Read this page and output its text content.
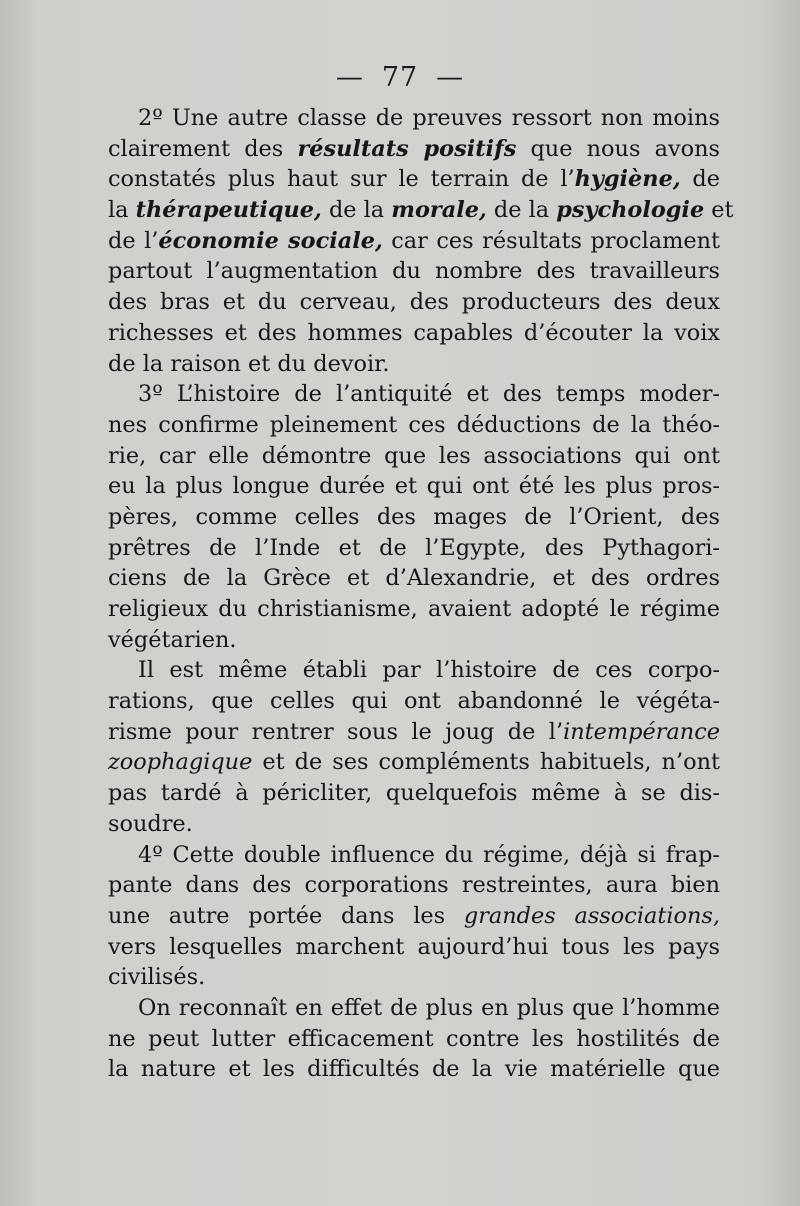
— 77 —
2º Une autre classe de preuves ressort non moins
clairement des résultats positifs que nous avons
constatés plus haut sur le terrain de l’hygiène, de
la thérapeutique, de la morale, de la psychologie et
de l’économie sociale, car ces résultats proclament
partout l’augmentation du nombre des travailleurs
des bras et du cerveau, des producteurs des deux
richesses et des hommes capables d’écouter la voix
de la raison et du devoir.
3º L’histoire de l’antiquité et des temps moder-
nes confirme pleinement ces déductions de la théo-
rie, car elle démontre que les associations qui ont
eu la plus longue durée et qui ont été les plus pros-
pères, comme celles des mages de l’Orient, des
prêtres de l’Inde et de l’Egypte, des Pythagori-
ciens de la Grèce et d’Alexandrie, et des ordres
religieux du christianisme, avaient adopté le régime
végétarien.
Il est même établi par l’histoire de ces corpo-
rations, que celles qui ont abandonné le végéta-
risme pour rentrer sous le joug de l’intempérance
zoophagique et de ses compléments habituels, n’ont
pas tardé à péricliter, quelquefois même à se dis-
soudre.
4º Cette double influence du régime, déjà si frap-
pante dans des corporations restreintes, aura bien
une autre portée dans les grandes associations,
vers lesquelles marchent aujourd’hui tous les pays
civilisés.
On reconnaît en effet de plus en plus que l’homme
ne peut lutter efficacement contre les hostilités de
la nature et les difficultés de la vie matérielle que
